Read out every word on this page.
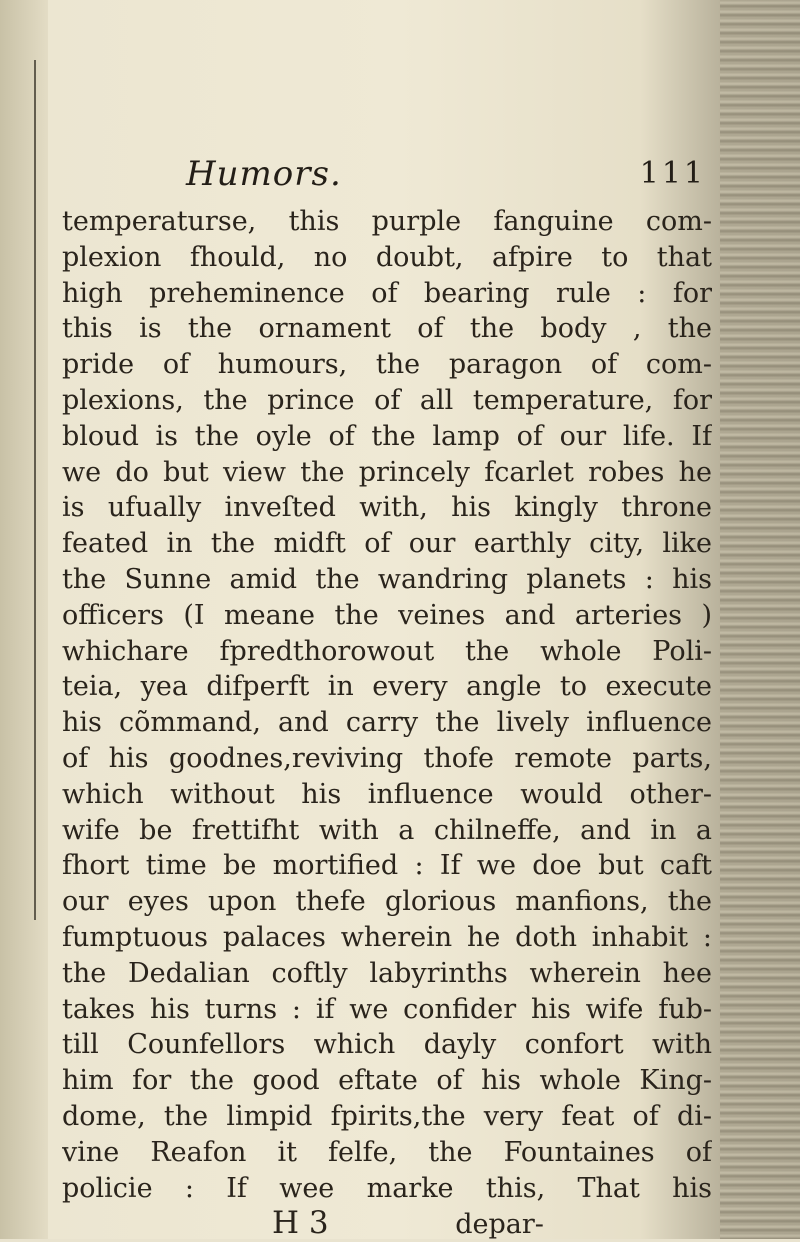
Humors.	111
temperaturse, this purple fanguine com-
plexion fhould, no doubt, afpire to that
high preheminence of bearing rule : for
this is the ornament of the body , the
pride of humours, the paragon of com-
plexions, the prince of all temperature, for
bloud is the oyle of the lamp of our life. If
we do but view the princely fcarlet robes he
is ufually inveſted with, his kingly throne
feated in the midft of our earthly city, like
the Sunne amid the wandring planets : his
officers (I meane the veines and arteries )
whichare fpredthorowout the whole Poli-
teia, yea difperft in every angle to execute
his cõmmand, and carry the lively influence
of his goodnes,reviving thofe remote parts,
which without his influence would other-
wife be frettifht with a chilneffe, and in a
fhort time be mortified : If we doe but caft
our eyes upon thefe glorious manfions, the
fumptuous palaces wherein he doth inhabit :
the Dedalian coftly labyrinths wherein hee
takes his turns : if we confider his wife fub-
till Counfellors which dayly confort with
him for the good eftate of his whole King-
dome, the limpid fpirits,the very feat of di-
vine Reafon it felfe, the Fountaines of
policie : If wee marke this, That his
H 3	depar-
